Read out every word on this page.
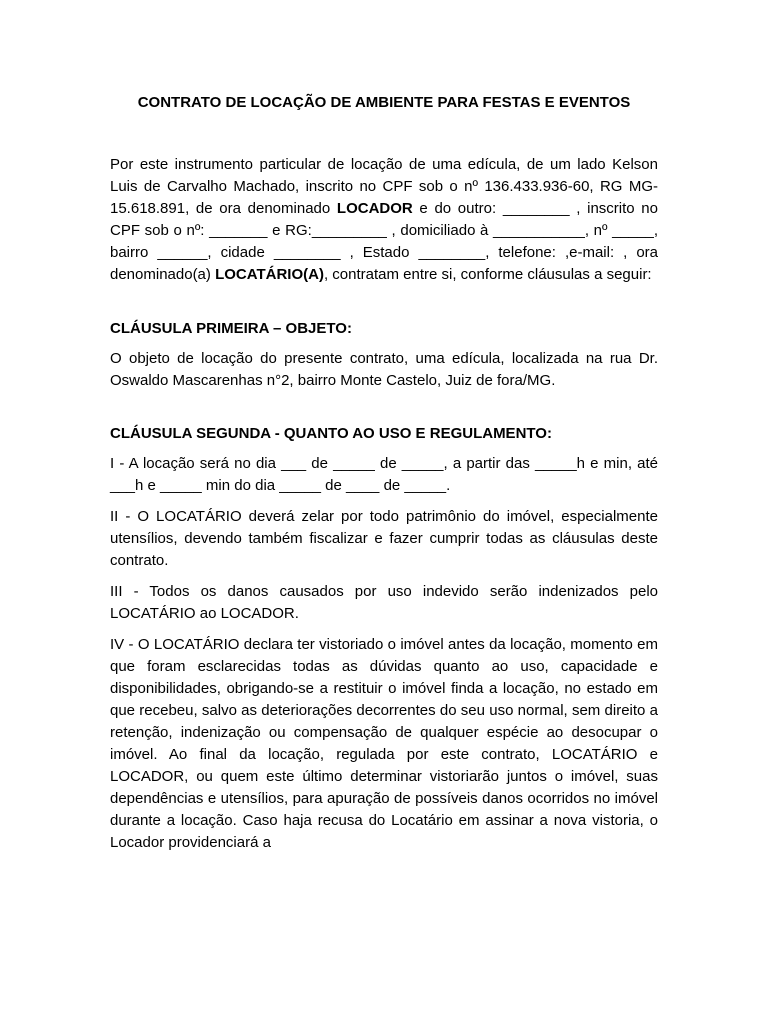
CONTRATO DE LOCAÇÃO DE AMBIENTE PARA FESTAS E EVENTOS

Por este instrumento particular de locação de uma edícula, de um lado Kelson Luis de Carvalho Machado, inscrito no CPF sob o nº 136.433.936-60, RG MG-15.618.891, de ora denominado LOCADOR e do outro: ________ , inscrito no CPF sob o nº: _______ e RG:_________ , domiciliado à ___________, nº _____, bairro ______, cidade ________ , Estado ________, telefone: ,e-mail: , ora denominado(a) LOCATÁRIO(A), contratam entre si, conforme cláusulas a seguir:

CLÁUSULA PRIMEIRA – OBJETO:

O objeto de locação do presente contrato, uma edícula, localizada na rua Dr. Oswaldo Mascarenhas n°2, bairro Monte Castelo, Juiz de fora/MG.

CLÁUSULA SEGUNDA - QUANTO AO USO E REGULAMENTO:

I - A locação será no dia ___ de _____ de _____, a partir das _____h e min, até ___h e _____ min do dia _____ de ____ de _____.

II - O LOCATÁRIO deverá zelar por todo patrimônio do imóvel, especialmente utensílios, devendo também fiscalizar e fazer cumprir todas as cláusulas deste contrato.

III - Todos os danos causados por uso indevido serão indenizados pelo LOCATÁRIO ao LOCADOR.

IV - O LOCATÁRIO declara ter vistoriado o imóvel antes da locação, momento em que foram esclarecidas todas as dúvidas quanto ao uso, capacidade e disponibilidades, obrigando-se a restituir o imóvel finda a locação, no estado em que recebeu, salvo as deteriorações decorrentes do seu uso normal, sem direito a retenção, indenização ou compensação de qualquer espécie ao desocupar o imóvel. Ao final da locação, regulada por este contrato, LOCATÁRIO e LOCADOR, ou quem este último determinar vistoriarão juntos o imóvel, suas dependências e utensílios, para apuração de possíveis danos ocorridos no imóvel durante a locação. Caso haja recusa do Locatário em assinar a nova vistoria, o Locador providenciará a
